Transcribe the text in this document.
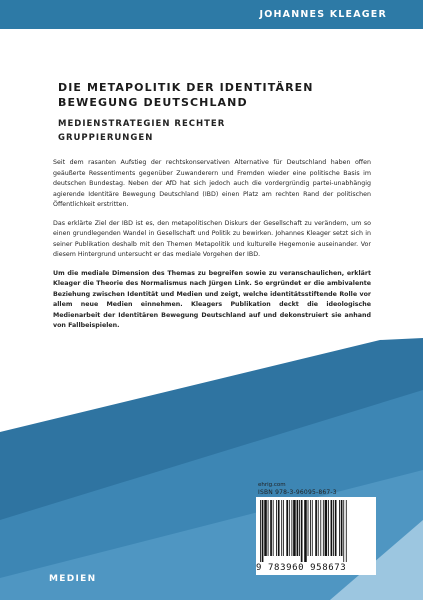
JOHANNES KLEAGER
DIE METAPOLITIK DER IDENTITÄREN
BEWEGUNG DEUTSCHLAND
MEDIENSTRATEGIEN RECHTER
GRUPPIERUNGEN

Seit dem rasanten Aufstieg der rechtskonservativen Alternative für Deutschland haben offen geäußerte Ressentiments gegenüber Zuwanderern und Fremden wieder eine politische Basis im deutschen Bundestag. Neben der AfD hat sich jedoch auch die vordergründig partei-unabhängig agierende Identitäre Bewegung Deutschland (IBD) einen Platz am rechten Rand der politischen Öffentlichkeit erstritten.

Das erklärte Ziel der IBD ist es, den metapolitischen Diskurs der Gesellschaft zu verändern, um so einen grundlegenden Wandel in Gesellschaft und Politik zu bewirken. Johannes Kleager setzt sich in seiner Publikation deshalb mit den Themen Metapolitik und kulturelle Hegemonie auseinander. Vor diesem Hintergrund untersucht er das mediale Vorgehen der IBD.

Um die mediale Dimension des Themas zu begreifen sowie zu veranschaulichen, erklärt Kleager die Theorie des Normalismus nach Jürgen Link. So ergründet er die ambivalente Beziehung zwischen Identität und Medien und zeigt, welche identitätsstiftende Rolle vor allem neue Medien einnehmen. Kleagers Publikation deckt die ideologische Medienarbeit der Identitären Bewegung Deutschland auf und dekonstruiert sie anhand von Fallbeispielen.

ehrig.com
ISBN 978-3-96095-867-3
9 783960 958673
MEDIEN
